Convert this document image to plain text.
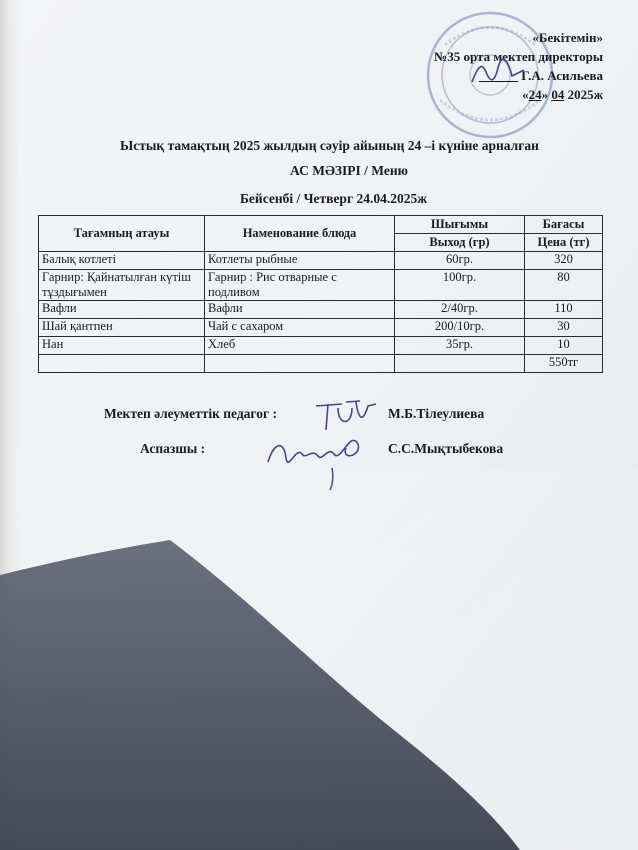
«Бекітемін»
№35 орта мектеп директоры
______ Г.А. Асильева
«24» 04 2025ж
Ыстық тамақтың 2025 жылдың сәуір айының 24 –і күніне арналған
АС МӘЗІРІ / Меню
Бейсенбі / Четверг 24.04.2025ж
Тағамның атауы	Наменование блюда	Шығымы	Бағасы
		Выход (гр)	Цена (тг)
Балық котлеті	Котлеты рыбные	60гр.	320
Гарнир: Қайнатылған күтіш тұздығымен	Гарнир : Рис отварные с подливом	100гр.	80
Вафли	Вафли	2/40гр.	110
Шай қантпен	Чай с сахаром	200/10гр.	30
Нан	Хлеб	35гр.	10
			550тг
Мектеп әлеуметтік педагог :	М.Б.Тілеулиева
Аспазшы :	С.С.Мықтыбекова
